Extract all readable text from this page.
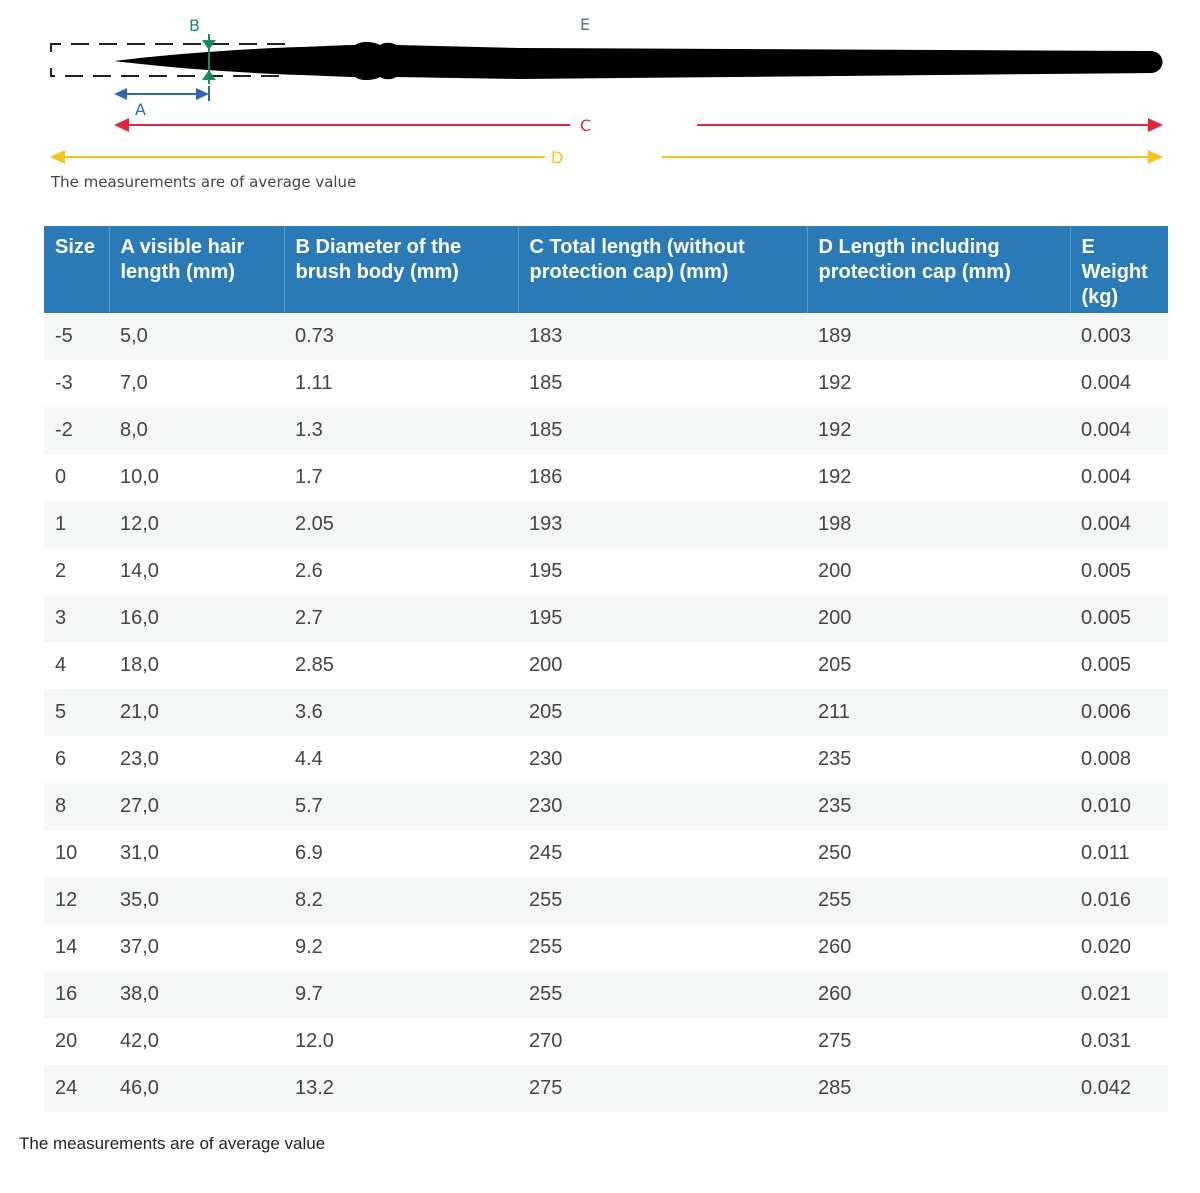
B
A
C
D
E
The measurements are of average value
Size	A visible hair length (mm)	B Diameter of the brush body (mm)	C Total length (without protection cap) (mm)	D Length including protection cap (mm)	E Weight (kg)
-5	5,0	0.73	183	189	0.003
-3	7,0	1.11	185	192	0.004
-2	8,0	1.3	185	192	0.004
0	10,0	1.7	186	192	0.004
1	12,0	2.05	193	198	0.004
2	14,0	2.6	195	200	0.005
3	16,0	2.7	195	200	0.005
4	18,0	2.85	200	205	0.005
5	21,0	3.6	205	211	0.006
6	23,0	4.4	230	235	0.008
8	27,0	5.7	230	235	0.010
10	31,0	6.9	245	250	0.011
12	35,0	8.2	255	255	0.016
14	37,0	9.2	255	260	0.020
16	38,0	9.7	255	260	0.021
20	42,0	12.0	270	275	0.031
24	46,0	13.2	275	285	0.042
The measurements are of average value
